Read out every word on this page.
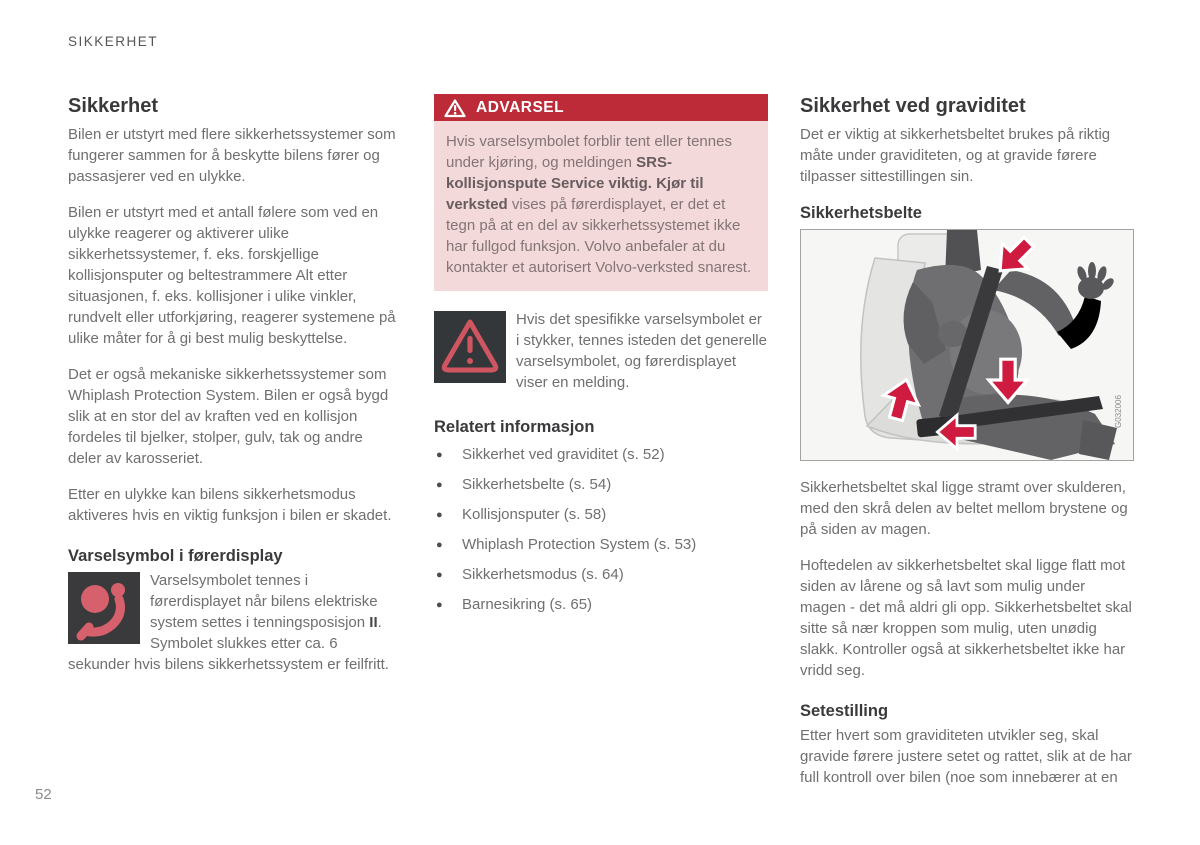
SIKKERHET
Sikkerhet

Bilen er utstyrt med flere sikkerhetssystemer som fungerer sammen for å beskytte bilens fører og passasjerer ved en ulykke.

Bilen er utstyrt med et antall følere som ved en ulykke reagerer og aktiverer ulike sikkerhetssystemer, f. eks. forskjellige kollisjonsputer og beltestrammere Alt etter situasjonen, f. eks. kollisjoner i ulike vinkler, rundvelt eller utforkjøring, reagerer systemene på ulike måter for å gi best mulig beskyttelse.

Det er også mekaniske sikkerhetssystemer som Whiplash Protection System. Bilen er også bygd slik at en stor del av kraften ved en kollisjon fordeles til bjelker, stolper, gulv, tak og andre deler av karosseriet.

Etter en ulykke kan bilens sikkerhetsmodus aktiveres hvis en viktig funksjon i bilen er skadet.

Varselsymbol i førerdisplay

Varselsymbolet tennes i førerdisplayet når bilens elektriske system settes i tenningsposisjon II. Symbolet slukkes etter ca. 6 sekunder hvis bilens sikkerhetssystem er feilfritt.

ADVARSEL

Hvis varselsymbolet forblir tent eller tennes under kjøring, og meldingen SRS-kollisjonspute Service viktig. Kjør til verksted vises på førerdisplayet, er det et tegn på at en del av sikkerhetssystemet ikke har fullgod funksjon. Volvo anbefaler at du kontakter et autorisert Volvo-verksted snarest.

Hvis det spesifikke varselsymbolet er i stykker, tennes isteden det generelle varselsymbolet, og førerdisplayet viser en melding.

Relatert informasjon
● Sikkerhet ved graviditet (s. 52)
● Sikkerhetsbelte (s. 54)
● Kollisjonsputer (s. 58)
● Whiplash Protection System (s. 53)
● Sikkerhetsmodus (s. 64)
● Barnesikring (s. 65)
Sikkerhet ved graviditet

Det er viktig at sikkerhetsbeltet brukes på riktig måte under graviditeten, og at gravide førere tilpasser sittestillingen sin.

Sikkerhetsbelte
G032006

Sikkerhetsbeltet skal ligge stramt over skulderen, med den skrå delen av beltet mellom brystene og på siden av magen.

Hoftedelen av sikkerhetsbeltet skal ligge flatt mot siden av lårene og så lavt som mulig under magen - det må aldri gli opp. Sikkerhetsbeltet skal sitte så nær kroppen som mulig, uten unødig slakk. Kontroller også at sikkerhetsbeltet ikke har vridd seg.

Setestilling

Etter hvert som graviditeten utvikler seg, skal gravide førere justere setet og rattet, slik at de har full kontroll over bilen (noe som innebærer at en

52
